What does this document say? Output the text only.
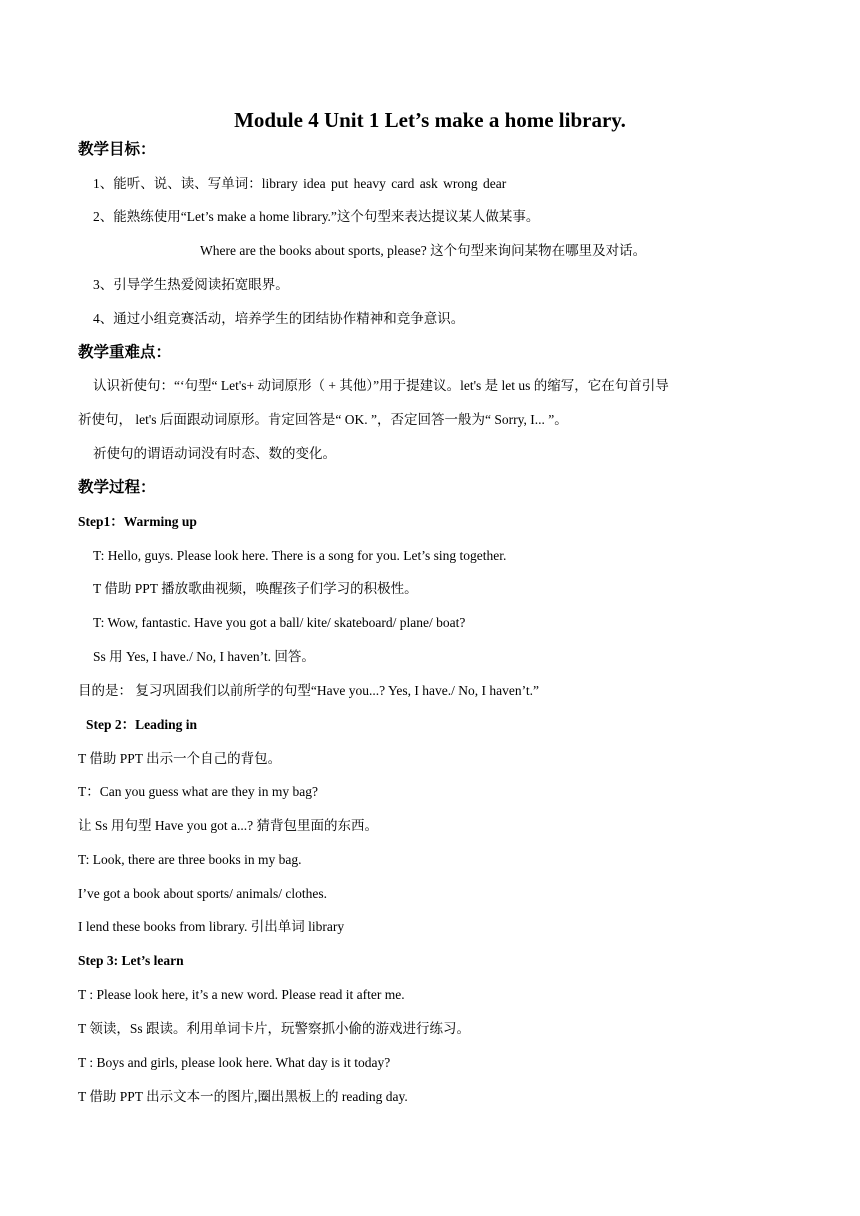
Module 4 Unit 1 Let’s make a home library.
教学目标：
1、能听、说、读、写单词：library idea put heavy card ask wrong dear
2、能熟练使用“Let’s make a home library.”这个句型来表达提议某人做某事。
Where are the books about sports, please? 这个句型来询问某物在哪里及对话。
3、引导学生热爱阅读拓宽眼界。
4、通过小组竞赛活动，培养学生的团结协作精神和竞争意识。
教学重难点：
认识祈使句：“‘句型“ Let's+ 动词原形（ + 其他）”用于提建议。let's 是 let us 的缩写，它在句首引导
祈使句， let's 后面跟动词原形。肯定回答是“ OK. ”，否定回答一般为“ Sorry, I... ”。
祈使句的谓语动词没有时态、数的变化。
教学过程：
Step1：Warming up
T: Hello, guys. Please look here. There is a song for you. Let’s sing together.
T 借助 PPT 播放歌曲视频，唤醒孩子们学习的积极性。
T: Wow, fantastic. Have you got a ball/ kite/ skateboard/ plane/ boat?
Ss 用 Yes, I have./ No, I haven’t. 回答。
目的是： 复习巩固我们以前所学的句型“Have you...? Yes, I have./ No, I haven’t.”
Step 2：Leading in
T 借助 PPT 出示一个自己的背包。
T：Can you guess what are they in my bag?
让 Ss 用句型 Have you got a...? 猜背包里面的东西。
T: Look, there are three books in my bag.
I’ve got a book about sports/ animals/ clothes.
I lend these books from library. 引出单词 library
Step 3: Let’s learn
T : Please look here, it’s a new word. Please read it after me.
T 领读，Ss 跟读。利用单词卡片，玩警察抓小偷的游戏进行练习。
T : Boys and girls, please look here. What day is it today?
T 借助 PPT 出示文本一的图片,圈出黑板上的 reading day.
